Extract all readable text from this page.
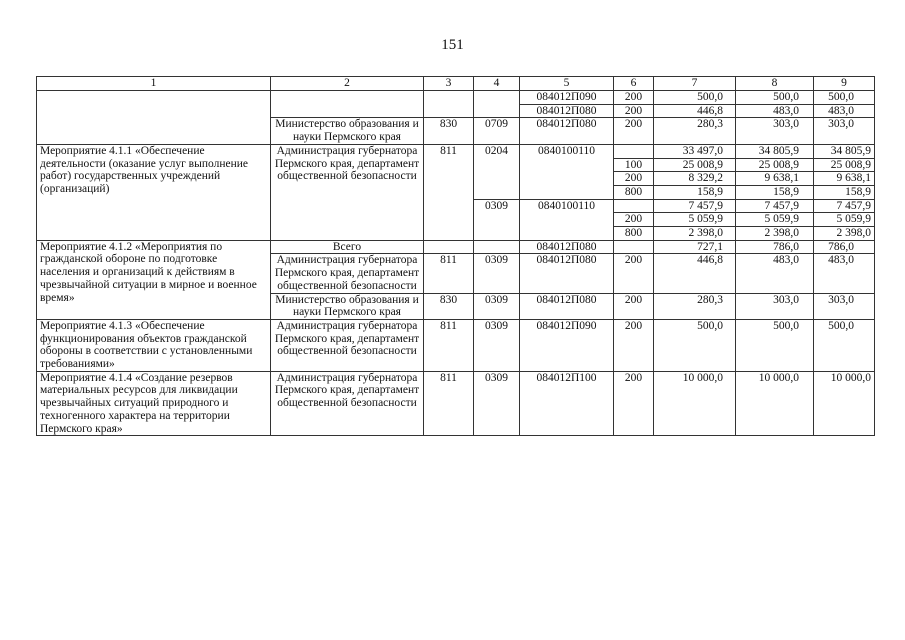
151
1	2	3	4	5	6	7	8	9
				084012П090	200	500,0	500,0	500,0
				084012П080	200	446,8	483,0	483,0
	Министерство образования и науки Пермского края	830	0709	084012П080	200	280,3	303,0	303,0
Мероприятие 4.1.1 «Обеспечение деятельности (оказание услуг выполнение работ) государственных учреждений (организаций)	Администрация губернатора Пермского края, департамент общественной безопасности	811	0204	0840100110		33 497,0	34 805,9	34 805,9
					100	25 008,9	25 008,9	25 008,9
					200	8 329,2	9 638,1	9 638,1
					800	158,9	158,9	158,9
			0309	0840100110		7 457,9	7 457,9	7 457,9
					200	5 059,9	5 059,9	5 059,9
					800	2 398,0	2 398,0	2 398,0
Мероприятие 4.1.2 «Мероприятия по гражданской обороне по подготовке населения и организаций к действиям в чрезвычайной ситуации в мирное и военное время»	Всего			084012П080		727,1	786,0	786,0
	Администрация губернатора Пермского края, департамент общественной безопасности	811	0309	084012П080	200	446,8	483,0	483,0
	Министерство образования и науки Пермского края	830	0309	084012П080	200	280,3	303,0	303,0
Мероприятие 4.1.3 «Обеспечение функционирования объектов гражданской обороны в соответствии с установленными требованиями»	Администрация губернатора Пермского края, департамент общественной безопасности	811	0309	084012П090	200	500,0	500,0	500,0
Мероприятие 4.1.4 «Создание резервов материальных ресурсов для ликвидации чрезвычайных ситуаций природного и техногенного характера на территории Пермского края»	Администрация губернатора Пермского края, департамент общественной безопасности	811	0309	084012П100	200	10 000,0	10 000,0	10 000,0
